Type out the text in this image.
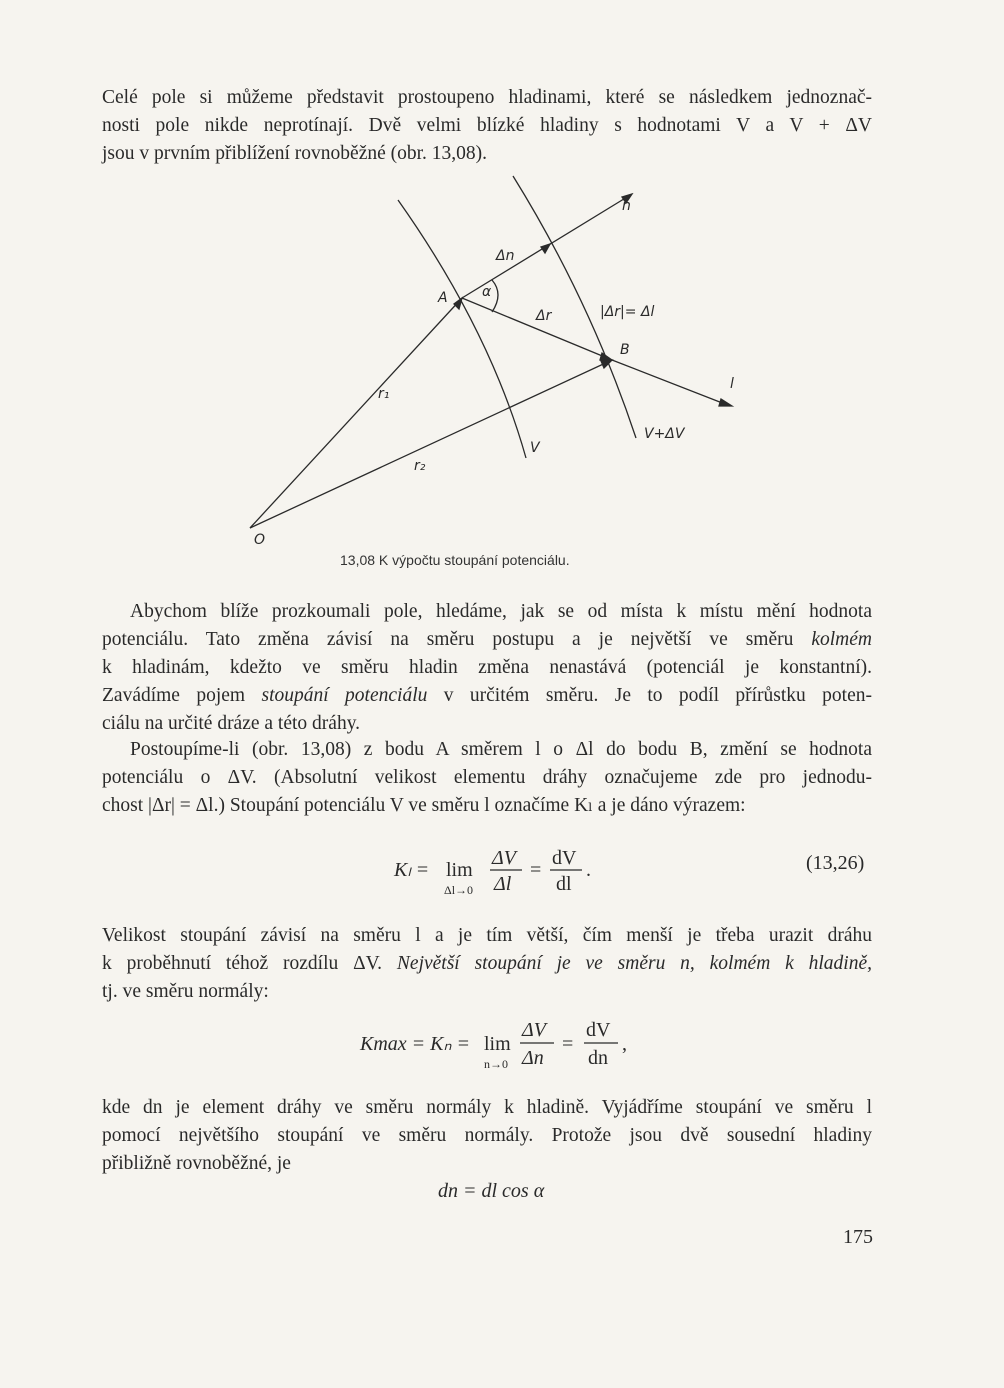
Celé pole si můžeme představit prostoupeno hladinami, které se následkem jednoznač-
nosti pole nikde neprotínají. Dvě velmi blízké hladiny s hodnotami V a V + ΔV
jsou v prvním přiblížení rovnoběžné (obr. 13,08).
n
Δn
A α
Δr	|Δr|= Δl
B
l
r₁
r₂
V
V+ΔV
O
13,08 K výpočtu stoupání potenciálu.
Abychom blíže prozkoumali pole, hledáme, jak se od místa k místu mění hodnota
potenciálu. Tato změna závisí na směru postupu a je největší ve směru kolmém
k hladinám, kdežto ve směru hladin změna nenastává (potenciál je konstantní).
Zavádíme pojem stoupání potenciálu v určitém směru. Je to podíl přírůstku poten-
ciálu na určité dráze a této dráhy.
Postoupíme-li (obr. 13,08) z bodu A směrem l o Δl do bodu B, změní se hodnota
potenciálu o ΔV. (Absolutní velikost elementu dráhy označujeme zde pro jednodu-
chost |Δr| = Δl.) Stoupání potenciálu V ve směru l označíme Kₗ a je dáno výrazem:
Kₗ = lim
Δl→0
ΔV
Δl
=
dV
dl
.	(13,26)
Velikost stoupání závisí na směru l a je tím větší, čím menší je třeba urazit dráhu
k proběhnutí téhož rozdílu ΔV. Největší stoupání je ve směru n, kolmém k hladině,
tj. ve směru normály:
Kmax = Kₙ = lim
n→0
ΔV
Δn
=
dV
dn
,
kde dn je element dráhy ve směru normály k hladině. Vyjádříme stoupání ve směru l
pomocí největšího stoupání ve směru normály. Protože jsou dvě sousední hladiny
přibližně rovnoběžné, je
dn = dl cos α
175
